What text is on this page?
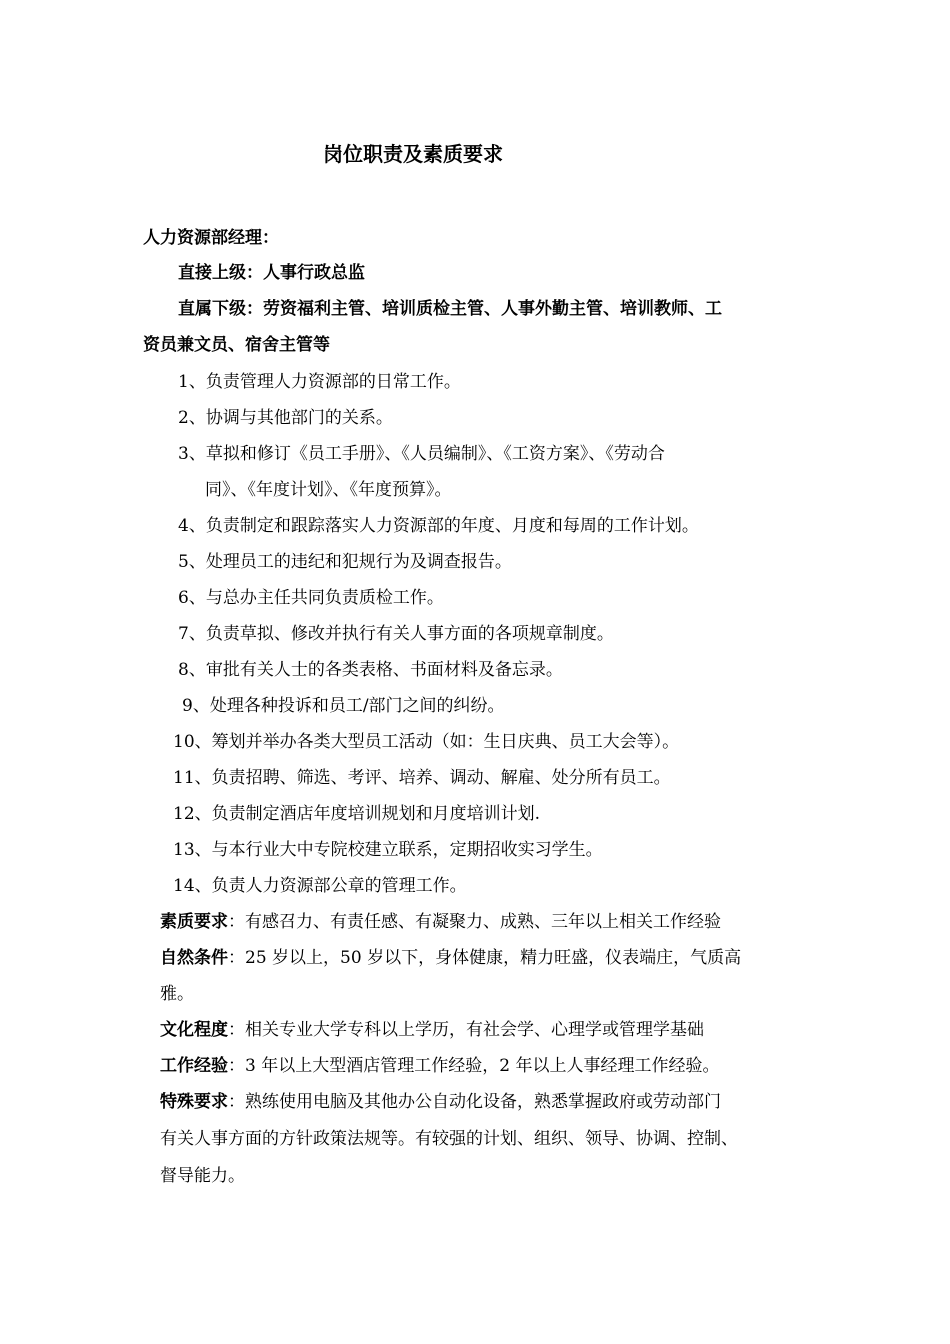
岗位职责及素质要求
人力资源部经理：
直接上级：人事行政总监
直属下级：劳资福利主管、培训质检主管、人事外勤主管、培训教师、工
资员兼文员、宿舍主管等
1、负责管理人力资源部的日常工作。
2、协调与其他部门的关系。
3、草拟和修订《员工手册》、《人员编制》、《工资方案》、《劳动合
同》、《年度计划》、《年度预算》。
4、负责制定和跟踪落实人力资源部的年度、月度和每周的工作计划。
5、处理员工的违纪和犯规行为及调查报告。
6、与总办主任共同负责质检工作。
7、负责草拟、修改并执行有关人事方面的各项规章制度。
8、审批有关人士的各类表格、书面材料及备忘录。
9、处理各种投诉和员工/部门之间的纠纷。
10、筹划并举办各类大型员工活动（如：生日庆典、员工大会等）。
11、负责招聘、筛选、考评、培养、调动、解雇、处分所有员工。
12、负责制定酒店年度培训规划和月度培训计划.
13、与本行业大中专院校建立联系，定期招收实习学生。
14、负责人力资源部公章的管理工作。
素质要求：有感召力、有责任感、有凝聚力、成熟、三年以上相关工作经验
自然条件：25 岁以上，50 岁以下，身体健康，精力旺盛，仪表端庄，气质高
雅。
文化程度：相关专业大学专科以上学历，有社会学、心理学或管理学基础
工作经验：3 年以上大型酒店管理工作经验，2 年以上人事经理工作经验。
特殊要求：熟练使用电脑及其他办公自动化设备，熟悉掌握政府或劳动部门
有关人事方面的方针政策法规等。有较强的计划、组织、领导、协调、控制、
督导能力。
